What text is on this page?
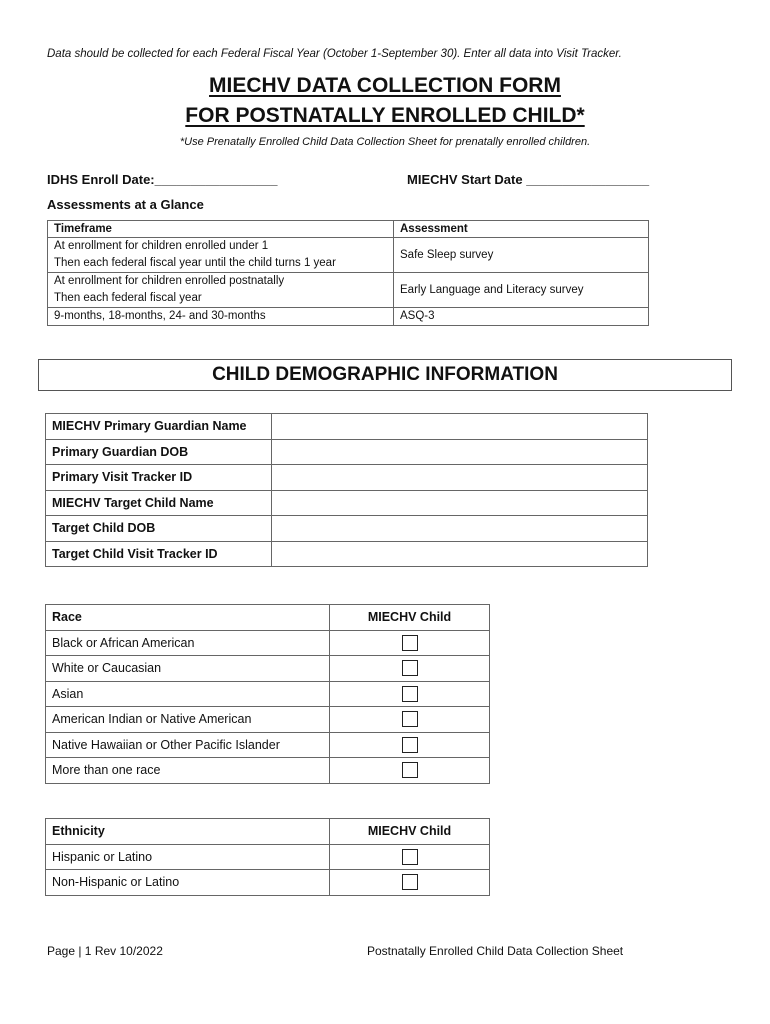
Data should be collected for each Federal Fiscal Year (October 1-September 30). Enter all data into Visit Tracker.
MIECHV DATA COLLECTION FORM
FOR POSTNATALLY ENROLLED CHILD*
*Use Prenatally Enrolled Child Data Collection Sheet for prenatally enrolled children.
IDHS Enroll Date:_________________	MIECHV Start Date _________________
Assessments at a Glance
Timeframe	Assessment

At enrollment for children enrolled under 1
Then each federal fiscal year until the child turns 1 year	Safe Sleep survey

At enrollment for children enrolled postnatally
Then each federal fiscal year	Early Language and Literacy survey
9-months, 18-months, 24- and 30-months	ASQ-3
CHILD DEMOGRAPHIC INFORMATION
MIECHV Primary Guardian Name	
Primary Guardian DOB	
Primary Visit Tracker ID	
MIECHV Target Child Name	
Target Child DOB	
Target Child Visit Tracker ID	
Race	MIECHV Child
Black or African American	
White or Caucasian	
Asian	
American Indian or Native American	
Native Hawaiian or Other Pacific Islander	
More than one race	
Ethnicity	MIECHV Child
Hispanic or Latino	
Non-Hispanic or Latino	
Page | 1 Rev 10/2022	Postnatally Enrolled Child Data Collection Sheet
